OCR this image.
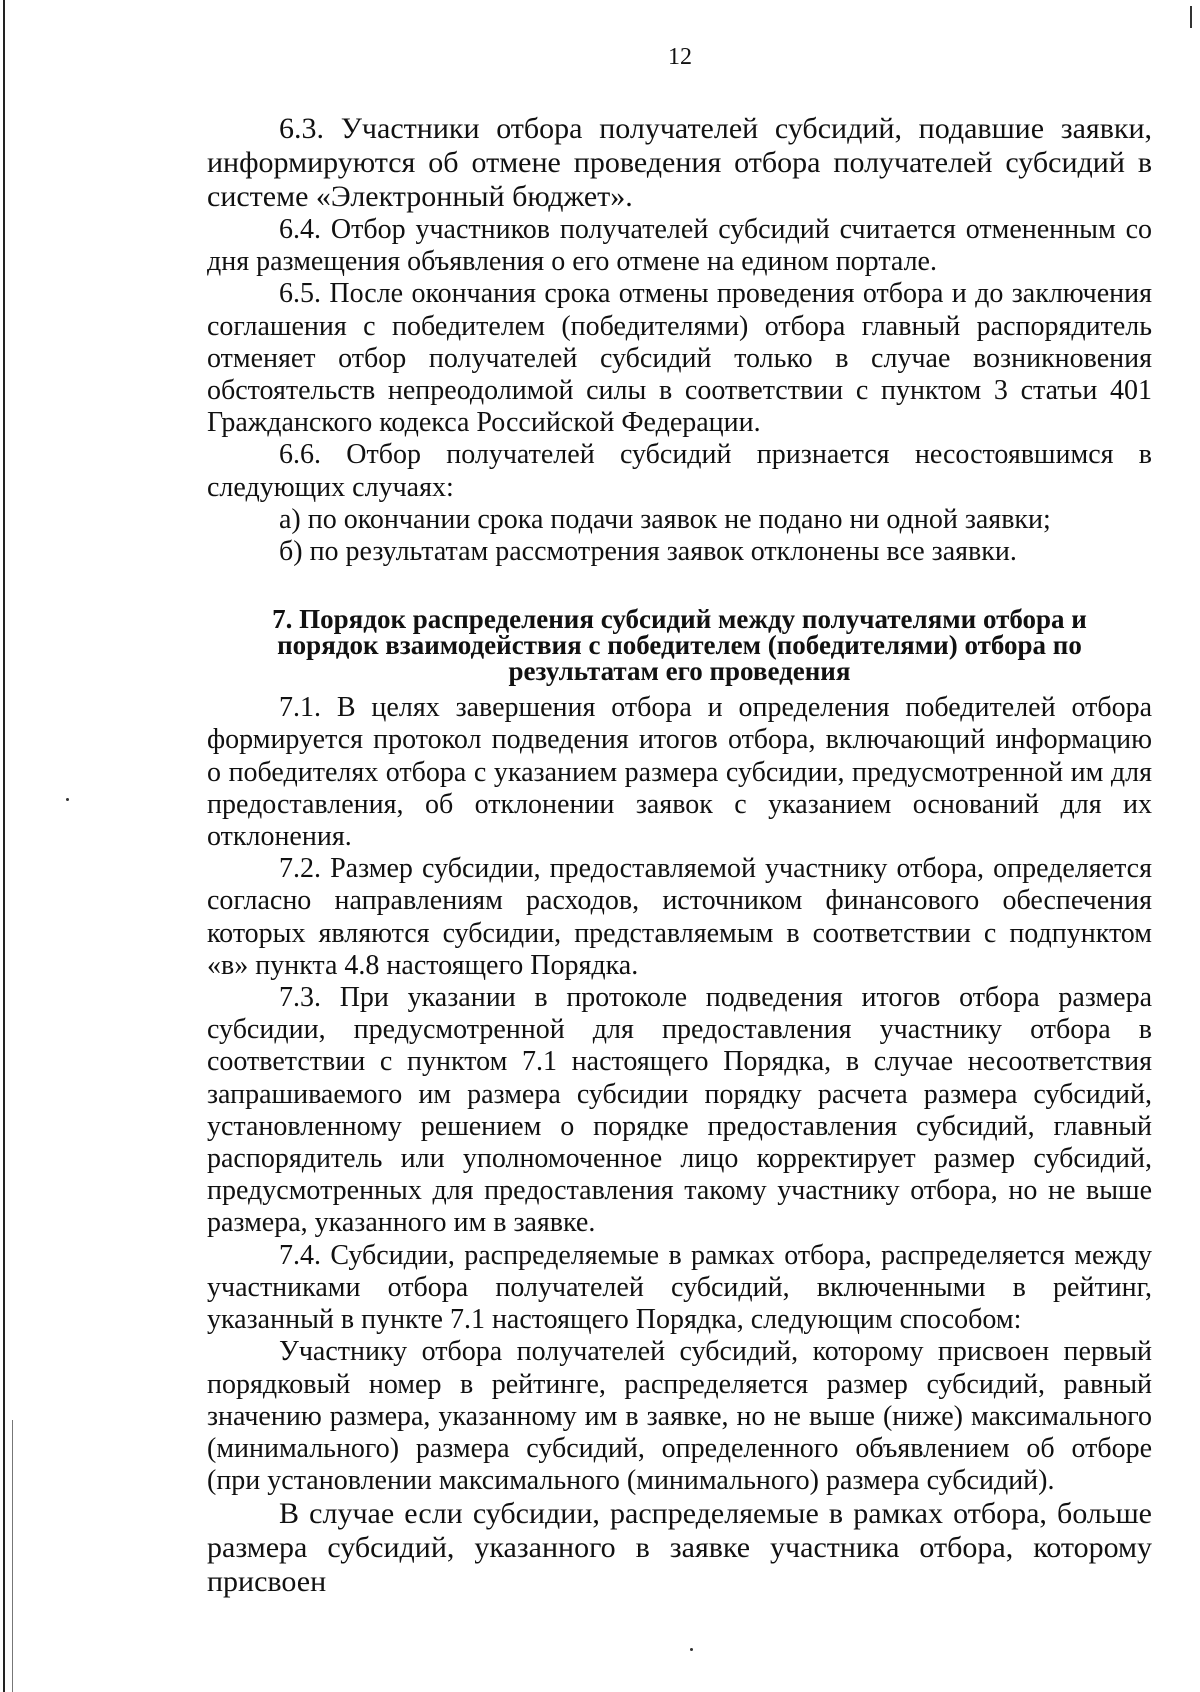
12

6.3. Участники отбора получателей субсидий, подавшие заявки, информируются об отмене проведения отбора получателей субсидий в системе «Электронный бюджет».

6.4. Отбор участников получателей субсидий считается отмененным со дня размещения объявления о его отмене на едином портале.

6.5. После окончания срока отмены проведения отбора и до заключения соглашения с победителем (победителями) отбора главный распорядитель отменяет отбор получателей субсидий только в случае возникновения обстоятельств непреодолимой силы в соответствии с пунктом 3 статьи 401 Гражданского кодекса Российской Федерации.

6.6. Отбор получателей субсидий признается несостоявшимся в следующих случаях:

а) по окончании срока подачи заявок не подано ни одной заявки;

б) по результатам рассмотрения заявок отклонены все заявки.

7. Порядок распределения субсидий между получателями отбора и порядок взаимодействия с победителем (победителями) отбора по результатам его проведения

7.1. В целях завершения отбора и определения победителей отбора формируется протокол подведения итогов отбора, включающий информацию о победителях отбора с указанием размера субсидии, предусмотренной им для предоставления, об отклонении заявок с указанием оснований для их отклонения.

7.2. Размер субсидии, предоставляемой участнику отбора, определяется согласно направлениям расходов, источником финансового обеспечения которых являются субсидии, представляемым в соответствии с подпунктом «в» пункта 4.8 настоящего Порядка.

7.3. При указании в протоколе подведения итогов отбора размера субсидии, предусмотренной для предоставления участнику отбора в соответствии с пунктом 7.1 настоящего Порядка, в случае несоответствия запрашиваемого им размера субсидии порядку расчета размера субсидий, установленному решением о порядке предоставления субсидий, главный распорядитель или уполномоченное лицо корректирует размер субсидий, предусмотренных для предоставления такому участнику отбора, но не выше размера, указанного им в заявке.

7.4. Субсидии, распределяемые в рамках отбора, распределяется между участниками отбора получателей субсидий, включенными в рейтинг, указанный в пункте 7.1 настоящего Порядка, следующим способом:

Участнику отбора получателей субсидий, которому присвоен первый порядковый номер в рейтинге, распределяется размер субсидий, равный значению размера, указанному им в заявке, но не выше (ниже) максимального (минимального) размера субсидий, определенного объявлением об отборе (при установлении максимального (минимального) размера субсидий).

В случае если субсидии, распределяемые в рамках отбора, больше размера субсидий, указанного в заявке участника отбора, которому присвоен
